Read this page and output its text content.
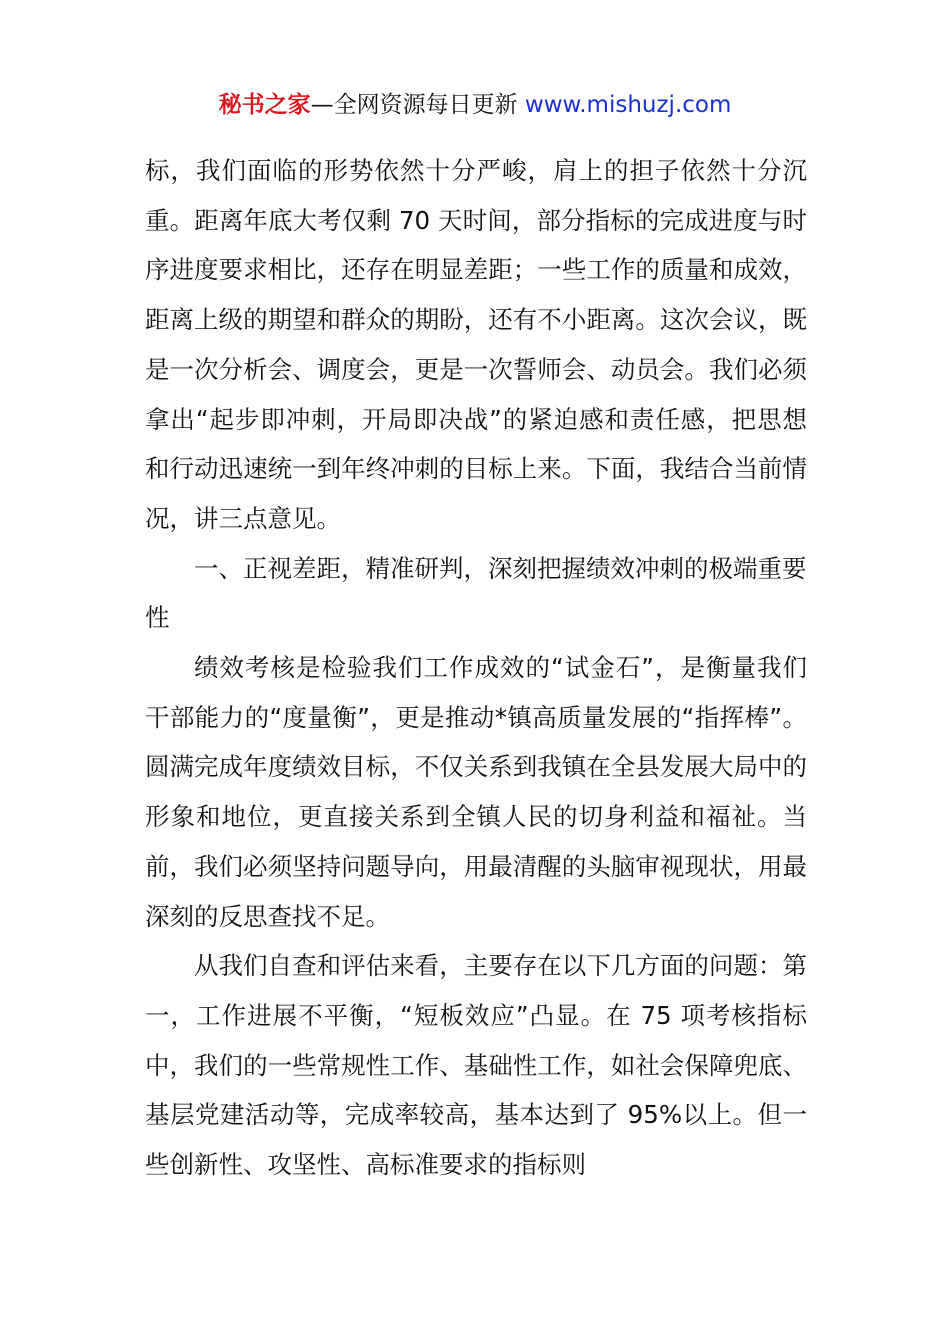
秘书之家—全网资源每日更新 www.mishuzj.com

标，我们面临的形势依然十分严峻，肩上的担子依然十分沉重。距离年底大考仅剩 70 天时间，部分指标的完成进度与时序进度要求相比，还存在明显差距；一些工作的质量和成效，距离上级的期望和群众的期盼，还有不小距离。这次会议，既是一次分析会、调度会，更是一次誓师会、动员会。我们必须拿出“起步即冲刺，开局即决战”的紧迫感和责任感，把思想和行动迅速统一到年终冲刺的目标上来。下面，我结合当前情况，讲三点意见。

一、正视差距，精准研判，深刻把握绩效冲刺的极端重要性

绩效考核是检验我们工作成效的“试金石”，是衡量我们干部能力的“度量衡”，更是推动*镇高质量发展的“指挥棒”。圆满完成年度绩效目标，不仅关系到我镇在全县发展大局中的形象和地位，更直接关系到全镇人民的切身利益和福祉。当前，我们必须坚持问题导向，用最清醒的头脑审视现状，用最深刻的反思查找不足。

从我们自查和评估来看，主要存在以下几方面的问题：第一，工作进展不平衡，“短板效应”凸显。在 75 项考核指标中，我们的一些常规性工作、基础性工作，如社会保障兜底、基层党建活动等，完成率较高，基本达到了 95%以上。但一些创新性、攻坚性、高标准要求的指标则
